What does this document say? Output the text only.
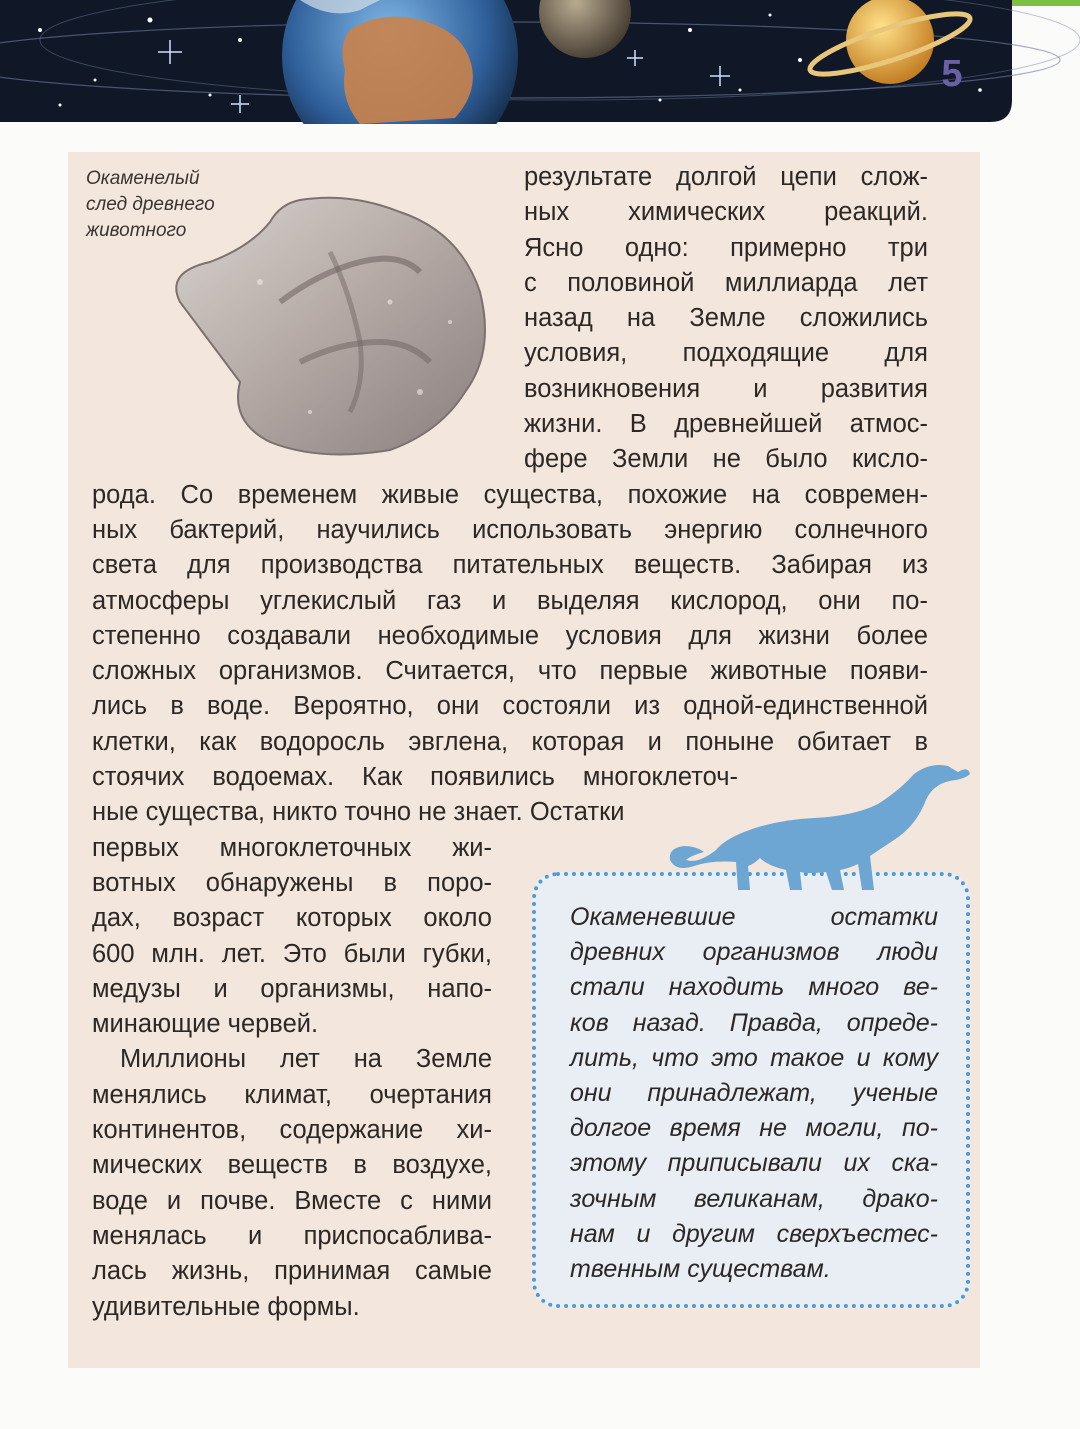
5
Окаменелый
след древнего
животного
результате долгой цепи слож-
ных химических реакций.
Ясно одно: примерно три
с половиной миллиарда лет
назад на Земле сложились
условия, подходящие для
возникновения и развития
жизни. В древнейшей атмос-
фере Земли не было кисло-
рода. Со временем живые существа, похожие на современ-
ных бактерий, научились использовать энергию солнечного
света для производства питательных веществ. Забирая из
атмосферы углекислый газ и выделяя кислород, они по-
степенно создавали необходимые условия для жизни более
сложных организмов. Считается, что первые животные появи-
лись в воде. Вероятно, они состояли из одной-единственной
клетки, как водоросль эвглена, которая и поныне обитает в
стоячих водоемах. Как появились многоклеточ-
ные существа, никто точно не знает. Остатки
первых многоклеточных жи-
вотных обнаружены в поро-
дах, возраст которых около
600 млн. лет. Это были губки,
медузы и организмы, напо-
минающие червей.
Миллионы лет на Земле
менялись климат, очертания
континентов, содержание хи-
мических веществ в воздухе,
воде и почве. Вместе с ними
менялась и приспосаблива-
лась жизнь, принимая самые
удивительные формы.
Окаменевшие остатки
древних организмов люди
стали находить много ве-
ков назад. Правда, опреде-
лить, что это такое и кому
они принадлежат, ученые
долгое время не могли, по-
этому приписывали их ска-
зочным великанам, драко-
нам и другим сверхъестес-
твенным существам.
